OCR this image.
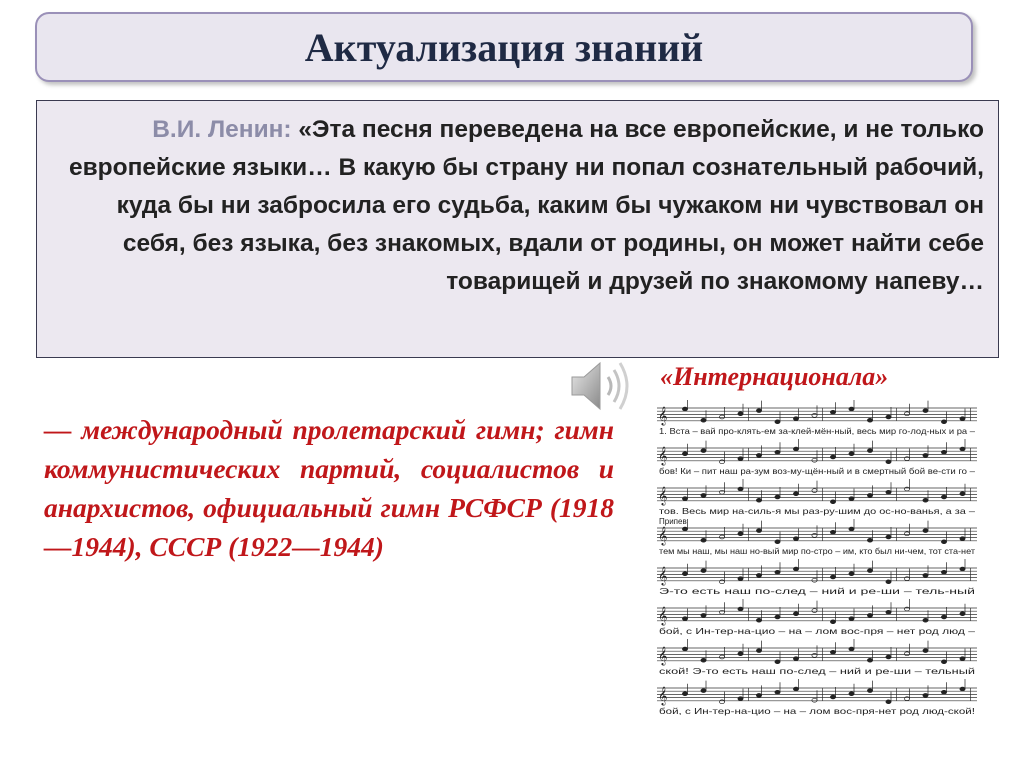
Актуализация знаний
В.И. Ленин: «Эта песня переведена на все европейские, и не только европейские языки… В какую бы страну ни попал сознательный рабочий, куда бы ни забросила его судьба, каким бы чужаком ни чувствовал он себя, без языка, без знакомых, вдали от родины, он может найти себе товарищей и друзей по знакомому напеву…
«Интернационала»
— международный пролетарский гимн; гимн коммунистических партий, социалистов и анархистов, официальный гимн РСФСР (1918—1944), СССР (1922—1944)
𝄞
1. Вста – вай про-клять-ем за-клей-мён-ный, весь мир го-лод-ных и ра –
𝄞
бов! Ки – пит наш ра-зум воз-му-щён-ный и в смертный бой ве-сти го –
𝄞
тов. Весь мир на-силь-я мы раз-ру-шим до ос-но-ванья, а за –
Припев
𝄞
тем мы наш, мы наш но-вый мир по-стро – им, кто был ни-чем, тот ста-нет
𝄞
Э-то есть наш по-след – ний и ре-ши – тель-ный
𝄞
бой, с Ин-тер-на-цио – на – лом вос-пря – нет род люд –
𝄞
ской! Э-то есть наш по-след – ний и ре-ши – тельный
𝄞
бой, с Ин-тер-на-цио – на – лом вос-пря-нет род люд-ской!
